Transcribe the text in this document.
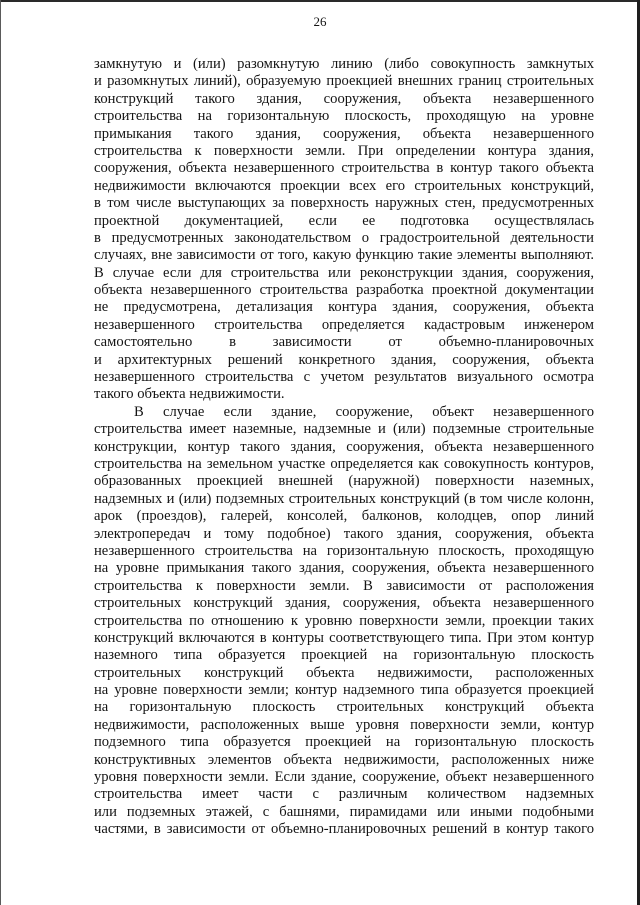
26
замкнутую и (или) разомкнутую линию (либо совокупность замкнутых
и разомкнутых линий), образуемую проекцией внешних границ строительных
конструкций такого здания, сооружения, объекта незавершенного
строительства на горизонтальную плоскость, проходящую на уровне
примыкания такого здания, сооружения, объекта незавершенного
строительства к поверхности земли. При определении контура здания,
сооружения, объекта незавершенного строительства в контур такого объекта
недвижимости включаются проекции всех его строительных конструкций,
в том числе выступающих за поверхность наружных стен, предусмотренных
проектной документацией, если ее подготовка осуществлялась
в предусмотренных законодательством о градостроительной деятельности
случаях, вне зависимости от того, какую функцию такие элементы выполняют.
В случае если для строительства или реконструкции здания, сооружения,
объекта незавершенного строительства разработка проектной документации
не предусмотрена, детализация контура здания, сооружения, объекта
незавершенного строительства определяется кадастровым инженером
самостоятельно в зависимости от объемно-планировочных
и архитектурных решений конкретного здания, сооружения, объекта
незавершенного строительства с учетом результатов визуального осмотра
такого объекта недвижимости.
В случае если здание, сооружение, объект незавершенного
строительства имеет наземные, надземные и (или) подземные строительные
конструкции, контур такого здания, сооружения, объекта незавершенного
строительства на земельном участке определяется как совокупность контуров,
образованных проекцией внешней (наружной) поверхности наземных,
надземных и (или) подземных строительных конструкций (в том числе колонн,
арок (проездов), галерей, консолей, балконов, колодцев, опор линий
электропередач и тому подобное) такого здания, сооружения, объекта
незавершенного строительства на горизонтальную плоскость, проходящую
на уровне примыкания такого здания, сооружения, объекта незавершенного
строительства к поверхности земли. В зависимости от расположения
строительных конструкций здания, сооружения, объекта незавершенного
строительства по отношению к уровню поверхности земли, проекции таких
конструкций включаются в контуры соответствующего типа. При этом контур
наземного типа образуется проекцией на горизонтальную плоскость
строительных конструкций объекта недвижимости, расположенных
на уровне поверхности земли; контур надземного типа образуется проекцией
на горизонтальную плоскость строительных конструкций объекта
недвижимости, расположенных выше уровня поверхности земли, контур
подземного типа образуется проекцией на горизонтальную плоскость
конструктивных элементов объекта недвижимости, расположенных ниже
уровня поверхности земли. Если здание, сооружение, объект незавершенного
строительства имеет части с различным количеством надземных
или подземных этажей, с башнями, пирамидами или иными подобными
частями, в зависимости от объемно-планировочных решений в контур такого
